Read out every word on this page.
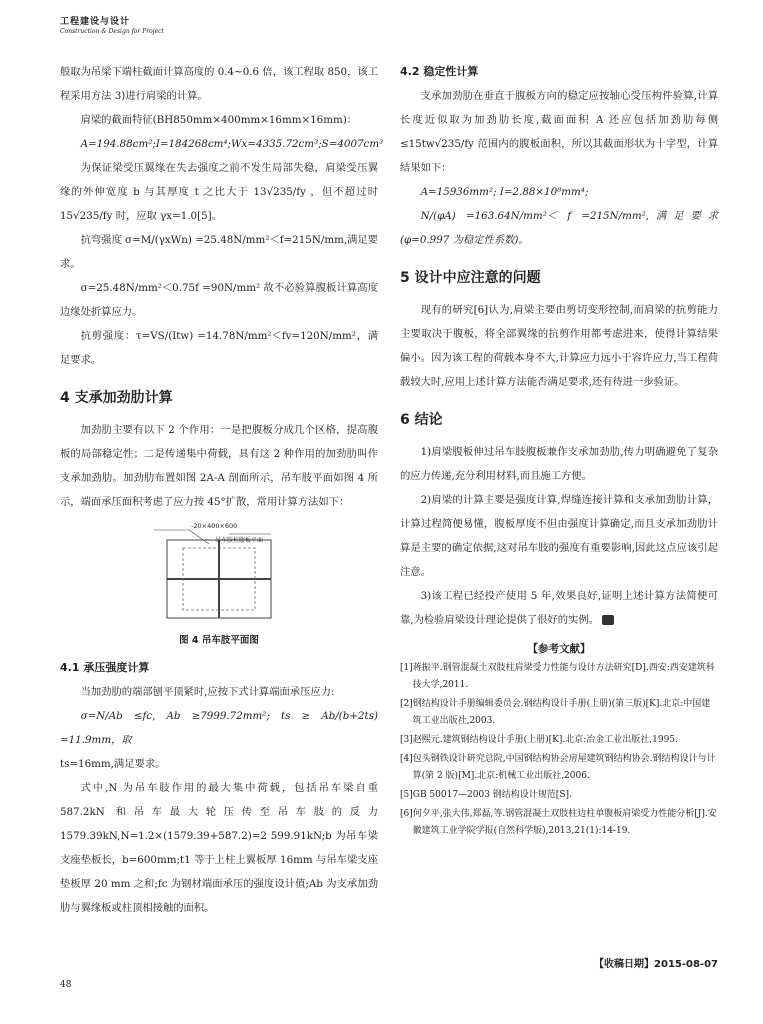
工程建设与设计
Construction & Design for Project

般取为吊梁下端柱截面计算高度的 0.4~0.6 倍，该工程取 850，该工程采用方法 3)进行肩梁的计算。

肩梁的截面特征(BH850mm×400mm×16mm×16mm)：

A=194.88cm²;I=184268cm⁴;Wx=4335.72cm³;S=4007cm³

为保证梁受压翼缘在失去强度之前不发生局部失稳，肩梁受压翼缘的外伸宽度 b 与其厚度 t 之比大于 13√235/fy ，但不超过时 15√235/fy 时，应取 γx=1.0[5]。

抗弯强度 σ=M/(γxWn) =25.48N/mm²＜f=215N/mm,满足要求。

σ=25.48N/mm²＜0.75f =90N/mm² 故不必验算腹板计算高度边缘处折算应力。

抗剪强度：τ=VS/(Itw) =14.78N/mm²＜fv=120N/mm²，满足要求。

4 支承加劲肋计算

加劲肋主要有以下 2 个作用：一是把腹板分成几个区格，提高腹板的局部稳定性；二是传递集中荷载，具有这 2 种作用的加劲肋叫作支承加劲肋。加劲肋布置如图 2A-A 剖面所示，吊车肢平面如图 4 所示，端面承压面积考虑了应力按 45°扩散，常用计算方法如下：

-20×400×600
吊车肢柱腹板平面
图 4 吊车肢平面图
4.1 承压强度计算

当加劲肋的端部刨平顶紧时,应按下式计算端面承压应力:

σ=N/Ab ≤fc, Ab ≥7999.72mm²; ts ≥ Ab/(b+2ts) =11.9mm，取

ts=16mm,满足要求。

式中,N 为吊车肢作用的最大集中荷载，包括吊车梁自重 587.2kN 和吊车最大轮压传至吊车肢的反力 1579.39kN,N=1.2×(1579.39+587.2)=2 599.91kN;b 为吊车梁支座垫板长，b=600mm;t1 等于上柱上翼板厚 16mm 与吊车梁支座垫板厚 20 mm 之和;fc 为钢材端面承压的强度设计值;Ab 为支承加劲肋与翼缘板或柱顶相接触的面积。

4.2 稳定性计算

支承加劲肋在垂直于腹板方向的稳定应按轴心受压构件验算,计算长度近似取为加劲肋长度,截面面积 A 还应包括加劲肋每侧≤15tw√235/fy 范围内的腹板面积，所以其截面形状为十字型，计算结果如下：

A=15936mm²; I=2.88×10⁸mm⁴;

N/(φA) =163.64N/mm²＜ f =215N/mm²,满足要求(φ=0.997 为稳定性系数)。

5 设计中应注意的问题

现有的研究[6]认为,肩梁主要由剪切变形控制,而肩梁的抗剪能力主要取决于腹板，将全部翼缘的抗剪作用都考虑进来，使得计算结果偏小。因为该工程的荷载本身不大,计算应力远小于容许应力,当工程荷载较大时,应用上述计算方法能否满足要求,还有待进一步验证。

6 结论

1)肩梁腹板伸过吊车肢腹板兼作支承加劲肋,传力明确避免了复杂的应力传递,充分利用材料,而且施工方便。

2)肩梁的计算主要是强度计算,焊缝连接计算和支承加劲肋计算，计算过程简便易懂，腹板厚度不但由强度计算确定,而且支承加劲肋计算是主要的确定依据,这对吊车肢的强度有重要影响,因此这点应该引起注意。

3)该工程已经投产使用 5 年,效果良好,证明上述计算方法简便可靠,为检验肩梁设计理论提供了很好的实例。

【参考文献】
[1]蒋振平.钢管混凝土双肢柱肩梁受力性能与设计方法研究[D].西安:西安建筑科技大学,2011.
[2]钢结构设计手册编辑委员会.钢结构设计手册(上册)(第三版)[K].北京:中国建筑工业出版社,2003.
[3]赵熙元.建筑钢结构设计手册(上册)[K].北京:冶金工业出版社,1995.
[4]包头钢铁设计研究总院,中国钢结构协会房屋建筑钢结构协会.钢结构设计与计算(第 2 版)[M].北京:机械工业出版社,2006.
[5]GB 50017—2003 钢结构设计规范[S].
[6]何夕平,张大伟,郑磊,等.钢管混凝土双肢柱边柱单腹板肩梁受力性能分析[J].安徽建筑工业学院学报(自然科学版),2013,21(1):14-19.
【收稿日期】2015-08-07
48
